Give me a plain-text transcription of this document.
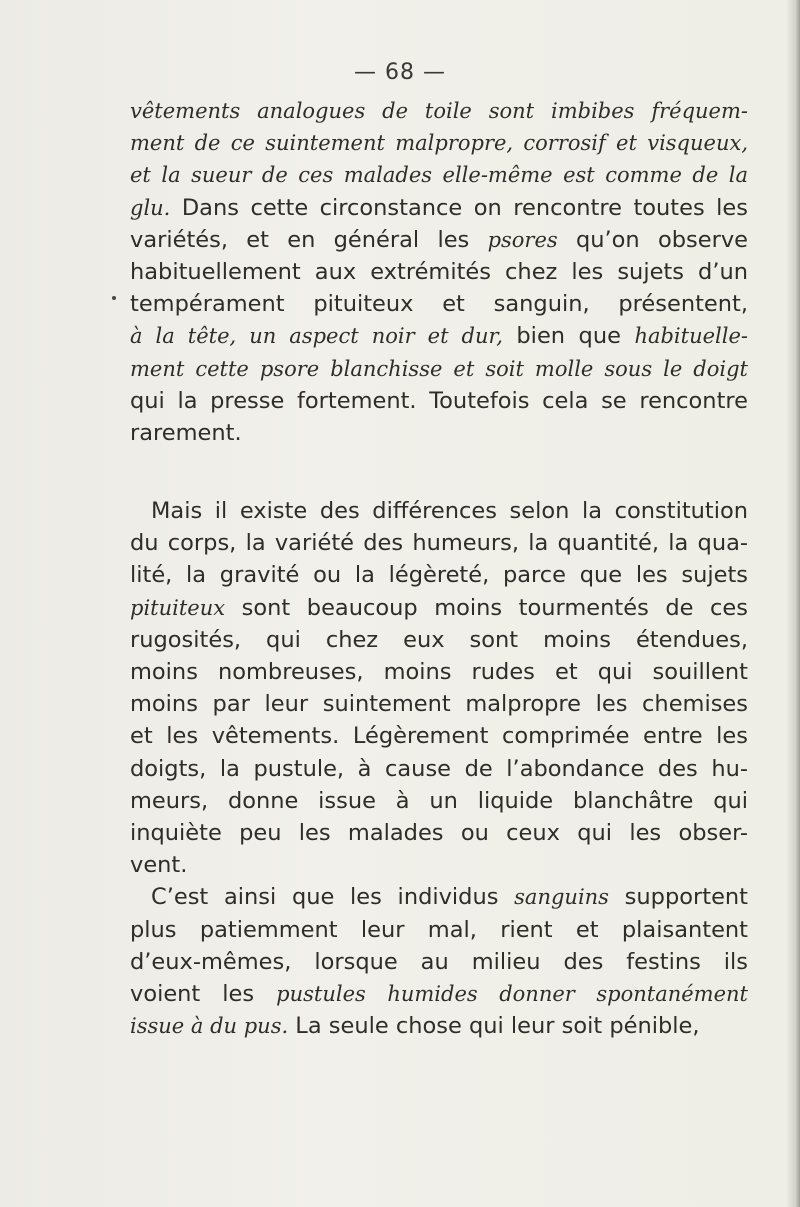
— 68 —
vêtements analogues de toile sont imbibes fréquem-
ment de ce suintement malpropre, corrosif et visqueux,
et la sueur de ces malades elle-même est comme de la
glu. Dans cette circonstance on rencontre toutes les
variétés, et en général les psores qu’on observe
habituellement aux extrémités chez les sujets d’un
tempérament pituiteux et sanguin, présentent,
à la tête, un aspect noir et dur, bien que habituelle-
ment cette psore blanchisse et soit molle sous le doigt
qui la presse fortement. Toutefois cela se rencontre
rarement.
Mais il existe des différences selon la constitution
du corps, la variété des humeurs, la quantité, la qua-
lité, la gravité ou la légèreté, parce que les sujets
pituiteux sont beaucoup moins tourmentés de ces
rugosités, qui chez eux sont moins étendues,
moins nombreuses, moins rudes et qui souillent
moins par leur suintement malpropre les chemises
et les vêtements. Légèrement comprimée entre les
doigts, la pustule, à cause de l’abondance des hu-
meurs, donne issue à un liquide blanchâtre qui
inquiète peu les malades ou ceux qui les obser-
vent.
C’est ainsi que les individus sanguins supportent
plus patiemment leur mal, rient et plaisantent
d’eux-mêmes, lorsque au milieu des festins ils
voient les pustules humides donner spontanément
issue à du pus. La seule chose qui leur soit pénible,
